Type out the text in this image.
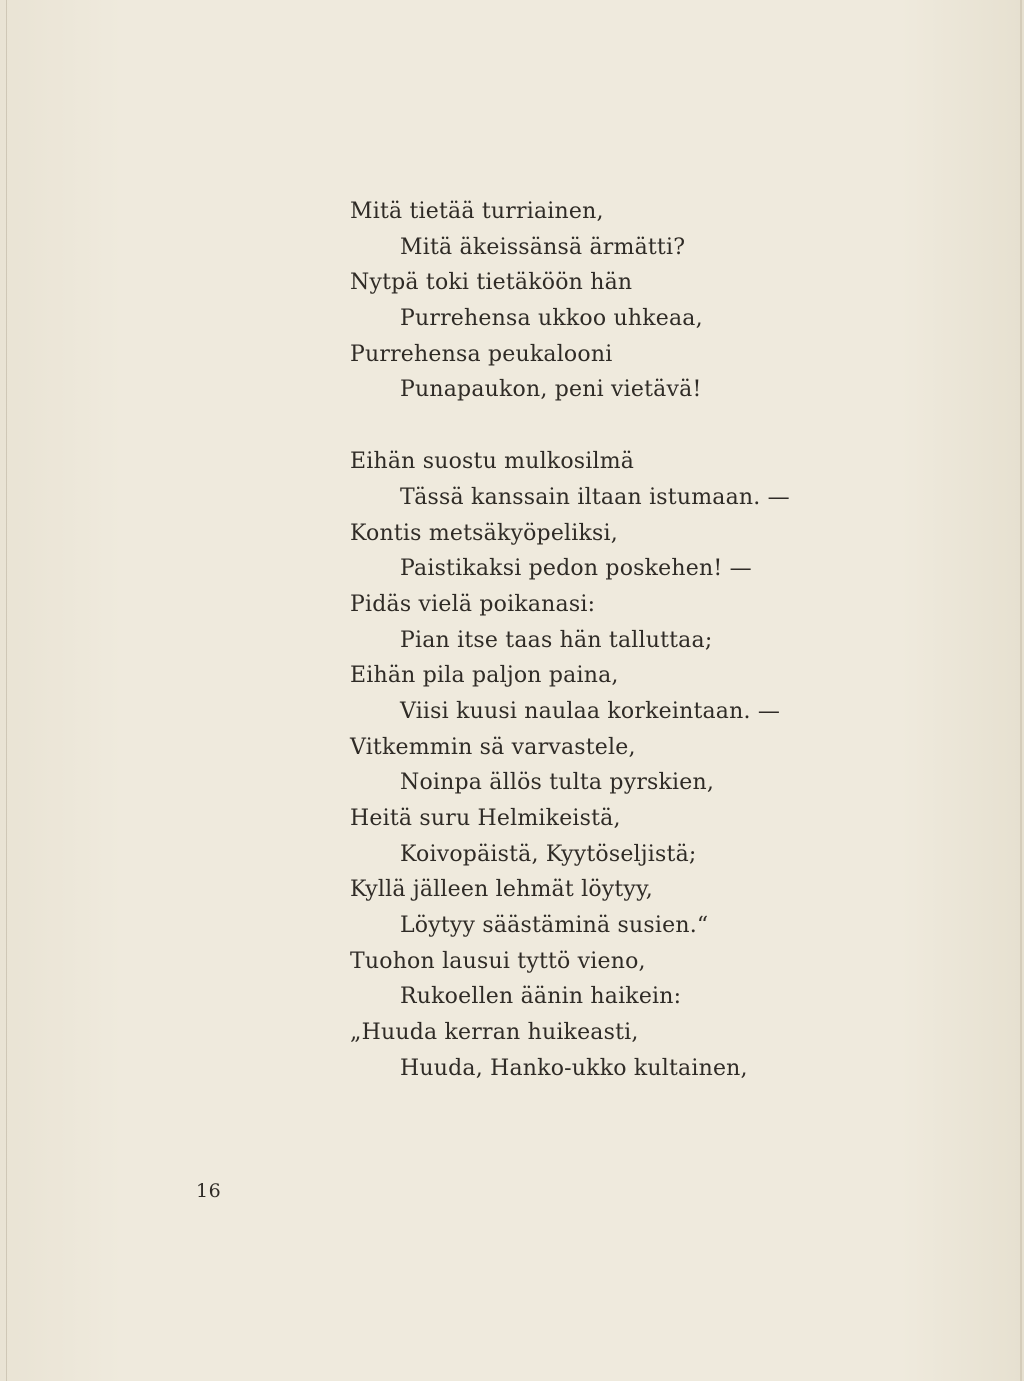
Mitä tietää turriainen,
Mitä äkeissänsä ärmätti?
Nytpä toki tietäköön hän
Purrehensa ukkoo uhkeaa,
Purrehensa peukalooni
Punapaukon, peni vietävä!
Eihän suostu mulkosilmä
Tässä kanssain iltaan istumaan. —
Kontis metsäkyöpeliksi,
Paistikaksi pedon poskehen! —
Pidäs vielä poikanasi:
Pian itse taas hän talluttaa;
Eihän pila paljon paina,
Viisi kuusi naulaa korkeintaan. —
Vitkemmin sä varvastele,
Noinpa ällös tulta pyrskien,
Heitä suru Helmikeistä,
Koivopäistä, Kyytöseljistä;
Kyllä jälleen lehmät löytyy,
Löytyy säästäminä susien.“
Tuohon lausui tyttö vieno,
Rukoellen äänin haikein:
„Huuda kerran huikeasti,
Huuda, Hanko-ukko kultainen,
16
